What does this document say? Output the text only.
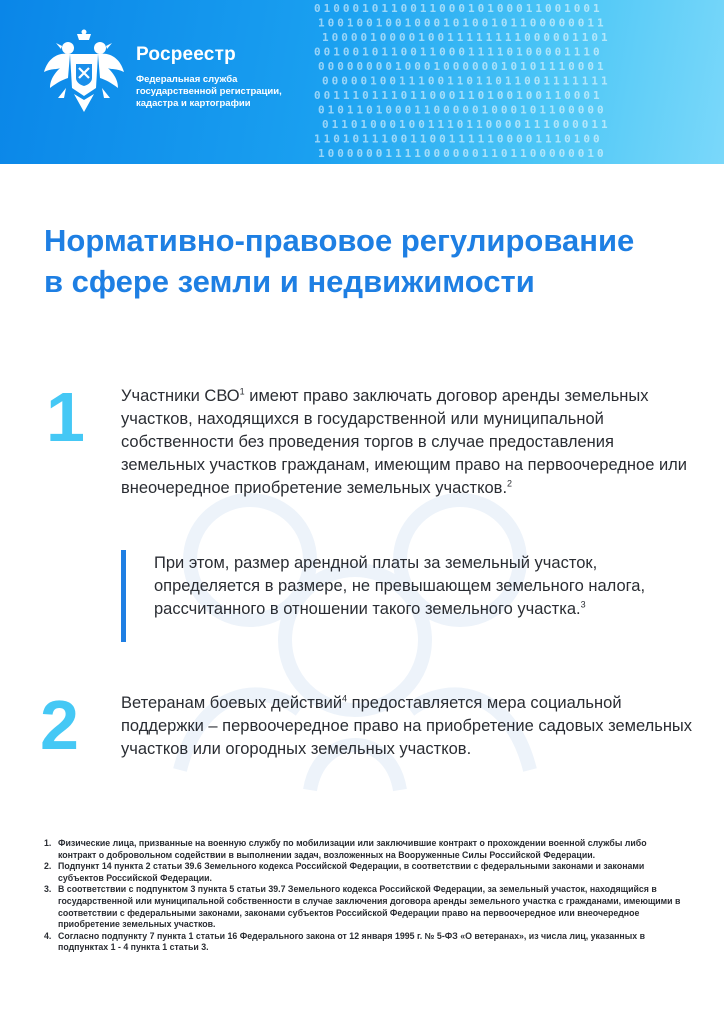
010001011001100010100011001001
100100100100010100101100000011
100001000010011111111000001101
001001011001100011110100001110
000000001000100000010101110001
000001001110011011011001111111
001110111011000110100100110001
010110100011000001000101100000
011010001001110110000111000011
110101110011001111100001110100
100000011110000001101100000010
Росреестр
Федеральная служба государственной регистрации, кадастра и картографии
Нормативно-правовое регулирование в сфере земли и недвижимости
1 Участники СВО$^1$ имеют право заключать договор аренды земельных участков, находящихся в государственной или муниципальной собственности без проведения торгов в случае предоставления земельных участков гражданам, имеющим право на первоочередное или внеочередное приобретение земельных участков.$^2$

При этом, размер арендной платы за земельный участок, определяется в размере, не превышающем земельного налога, рассчитанного в отношении такого земельного участка.$^3$

2	Ветеранам боевых действий$^4$ предоставляется мера социальной поддержки – первоочередное право на приобретение садовых земельных участков или огородных земельных участков.

1. Физические лица, призванные на военную службу по мобилизации или заключившие контракт о прохождении военной службы либо контракт о добровольном содействии в выполнении задач, возложенных на Вооруженные Силы Российской Федерации.
2. Подпункт 14 пункта 2 статьи 39.6 Земельного кодекса Российской Федерации, в соответствии с федеральными законами и законами субъектов Российской Федерации.
3. В соответствии с подпунктом 3 пункта 5 статьи 39.7 Земельного кодекса Российской Федерации, за земельный участок, находящийся в государственной или муниципальной собственности в случае заключения договора аренды земельного участка с гражданами, имеющими в соответствии с федеральными законами, законами субъектов Российской Федерации право на первоочередное или внеочередное приобретение земельных участков.
4. Согласно подпункту 7 пункта 1 статьи 16 Федерального закона от 12 января 1995 г. № 5-ФЗ «О ветеранах», из числа лиц, указанных в подпунктах 1 - 4 пункта 1 статьи 3.
